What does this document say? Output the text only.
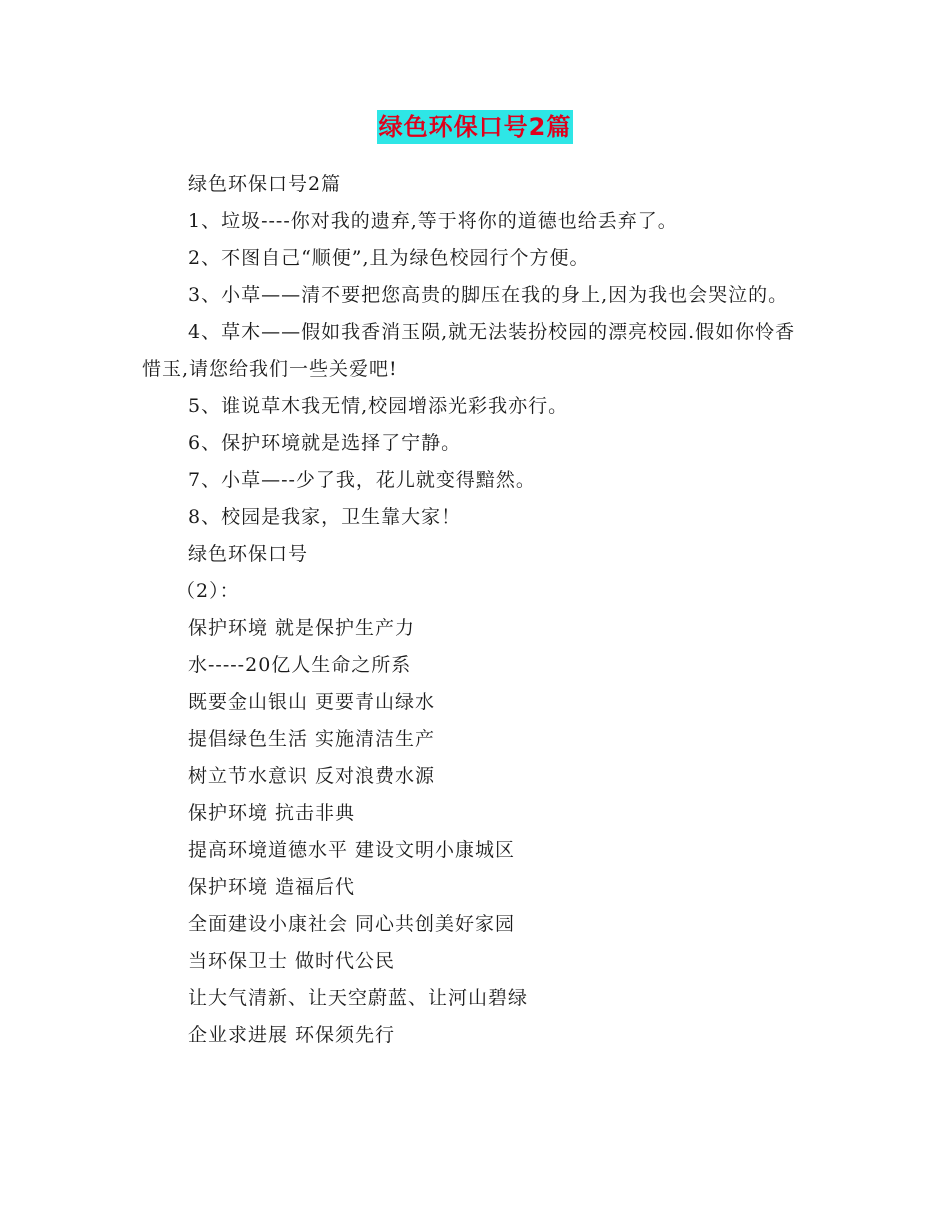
绿色环保口号2篇

绿色环保口号2篇

1、垃圾----你对我的遗弃,等于将你的道德也给丢弃了。

2、不图自己“顺便”,且为绿色校园行个方便。

3、小草——清不要把您高贵的脚压在我的身上,因为我也会哭泣的。

4、草木——假如我香消玉陨,就无法装扮校园的漂亮校园.假如你怜香惜玉,请您给我们一些关爱吧!

5、谁说草木我无情,校园增添光彩我亦行。

6、保护环境就是选择了宁静。

7、小草—--少了我，花儿就变得黯然。

8、校园是我家，卫生靠大家！

绿色环保口号

（2）：

保护环境 就是保护生产力

水-----20亿人生命之所系

既要金山银山 更要青山绿水

提倡绿色生活 实施清洁生产

树立节水意识 反对浪费水源

保护环境 抗击非典

提高环境道德水平 建设文明小康城区

保护环境 造福后代

全面建设小康社会 同心共创美好家园

当环保卫士 做时代公民

让大气清新、让天空蔚蓝、让河山碧绿

企业求进展 环保须先行
